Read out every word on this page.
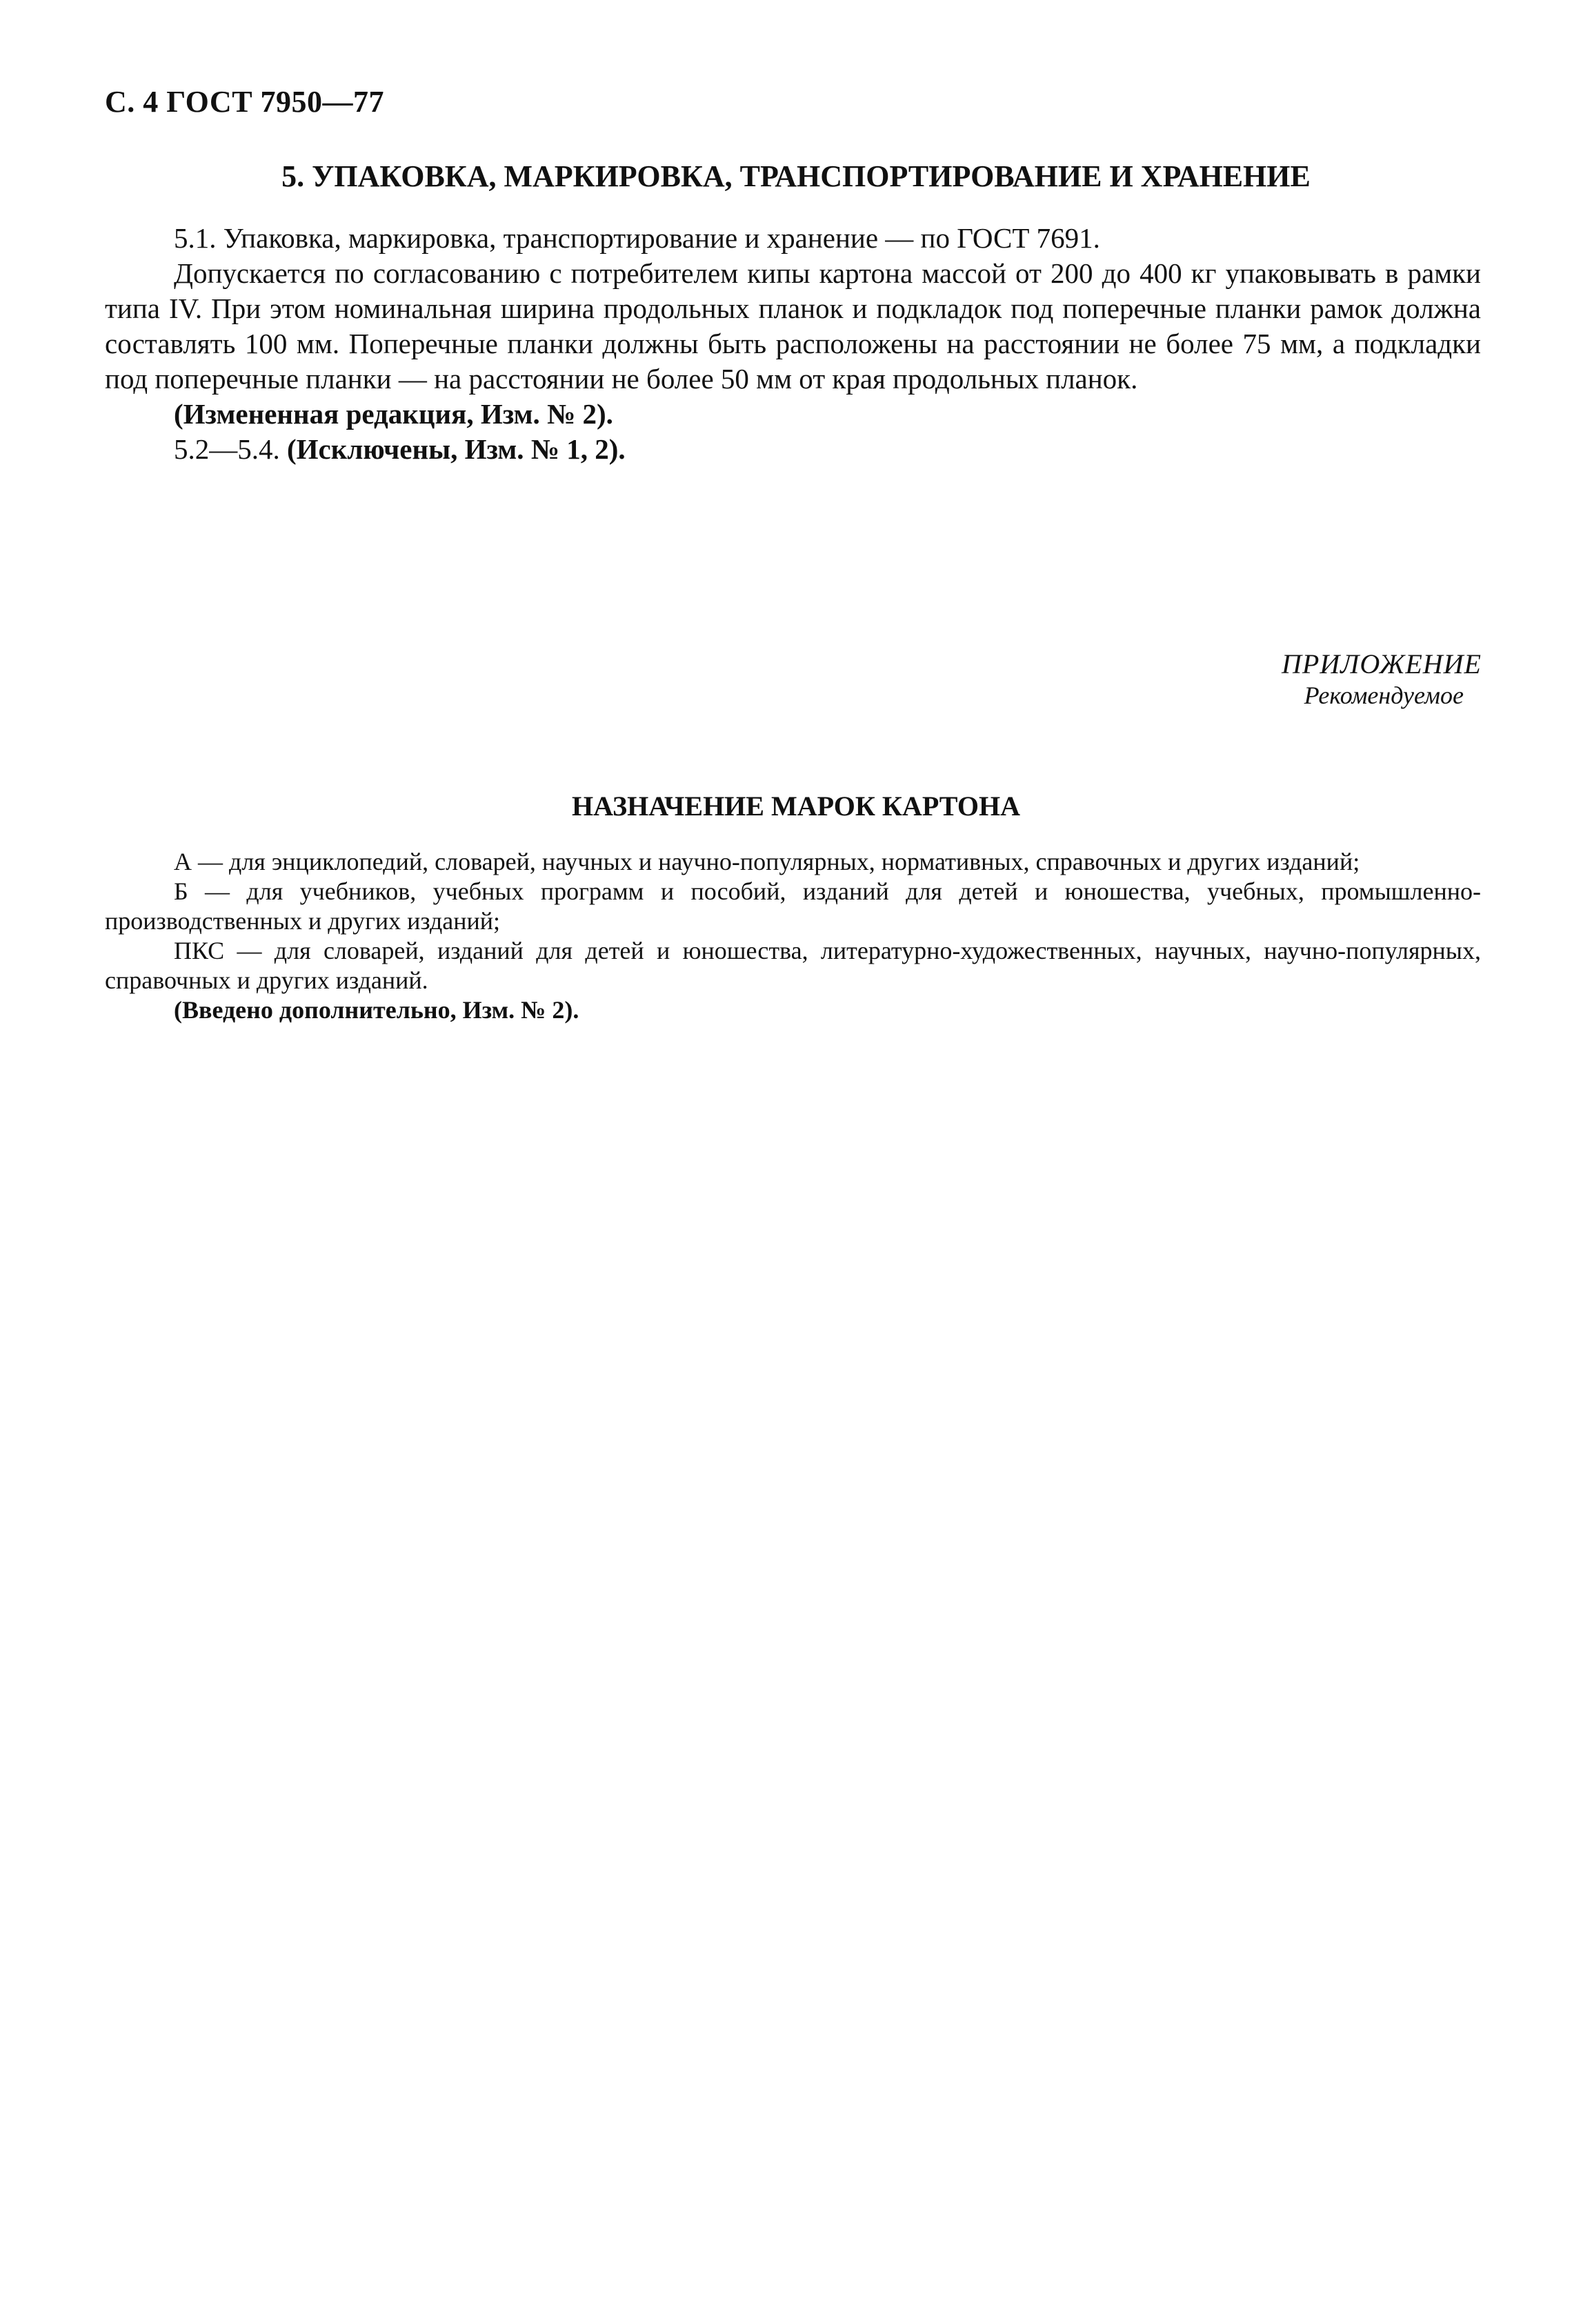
С. 4 ГОСТ 7950—77
5. УПАКОВКА, МАРКИРОВКА, ТРАНСПОРТИРОВАНИЕ И ХРАНЕНИЕ

5.1. Упаковка, маркировка, транспортирование и хранение — по ГОСТ 7691.

Допускается по согласованию с потребителем кипы картона массой от 200 до 400 кг упаковывать в рамки типа IV. При этом номинальная ширина продольных планок и подкладок под поперечные планки рамок должна составлять 100 мм. Поперечные планки должны быть расположены на расстоянии не более 75 мм, а подкладки под поперечные планки — на расстоянии не более 50 мм от края продольных планок.

(Измененная редакция, Изм. № 2).

5.2—5.4. (Исключены, Изм. № 1, 2).

ПРИЛОЖЕНИЕ
Рекомендуемое
НАЗНАЧЕНИЕ МАРОК КАРТОНА

А — для энциклопедий, словарей, научных и научно-популярных, нормативных, справочных и других изданий;

Б — для учебников, учебных программ и пособий, изданий для детей и юношества, учебных, промышленно-производственных и других изданий;

ПКС — для словарей, изданий для детей и юношества, литературно-художественных, научных, научно-популярных, справочных и других изданий.

(Введено дополнительно, Изм. № 2).
